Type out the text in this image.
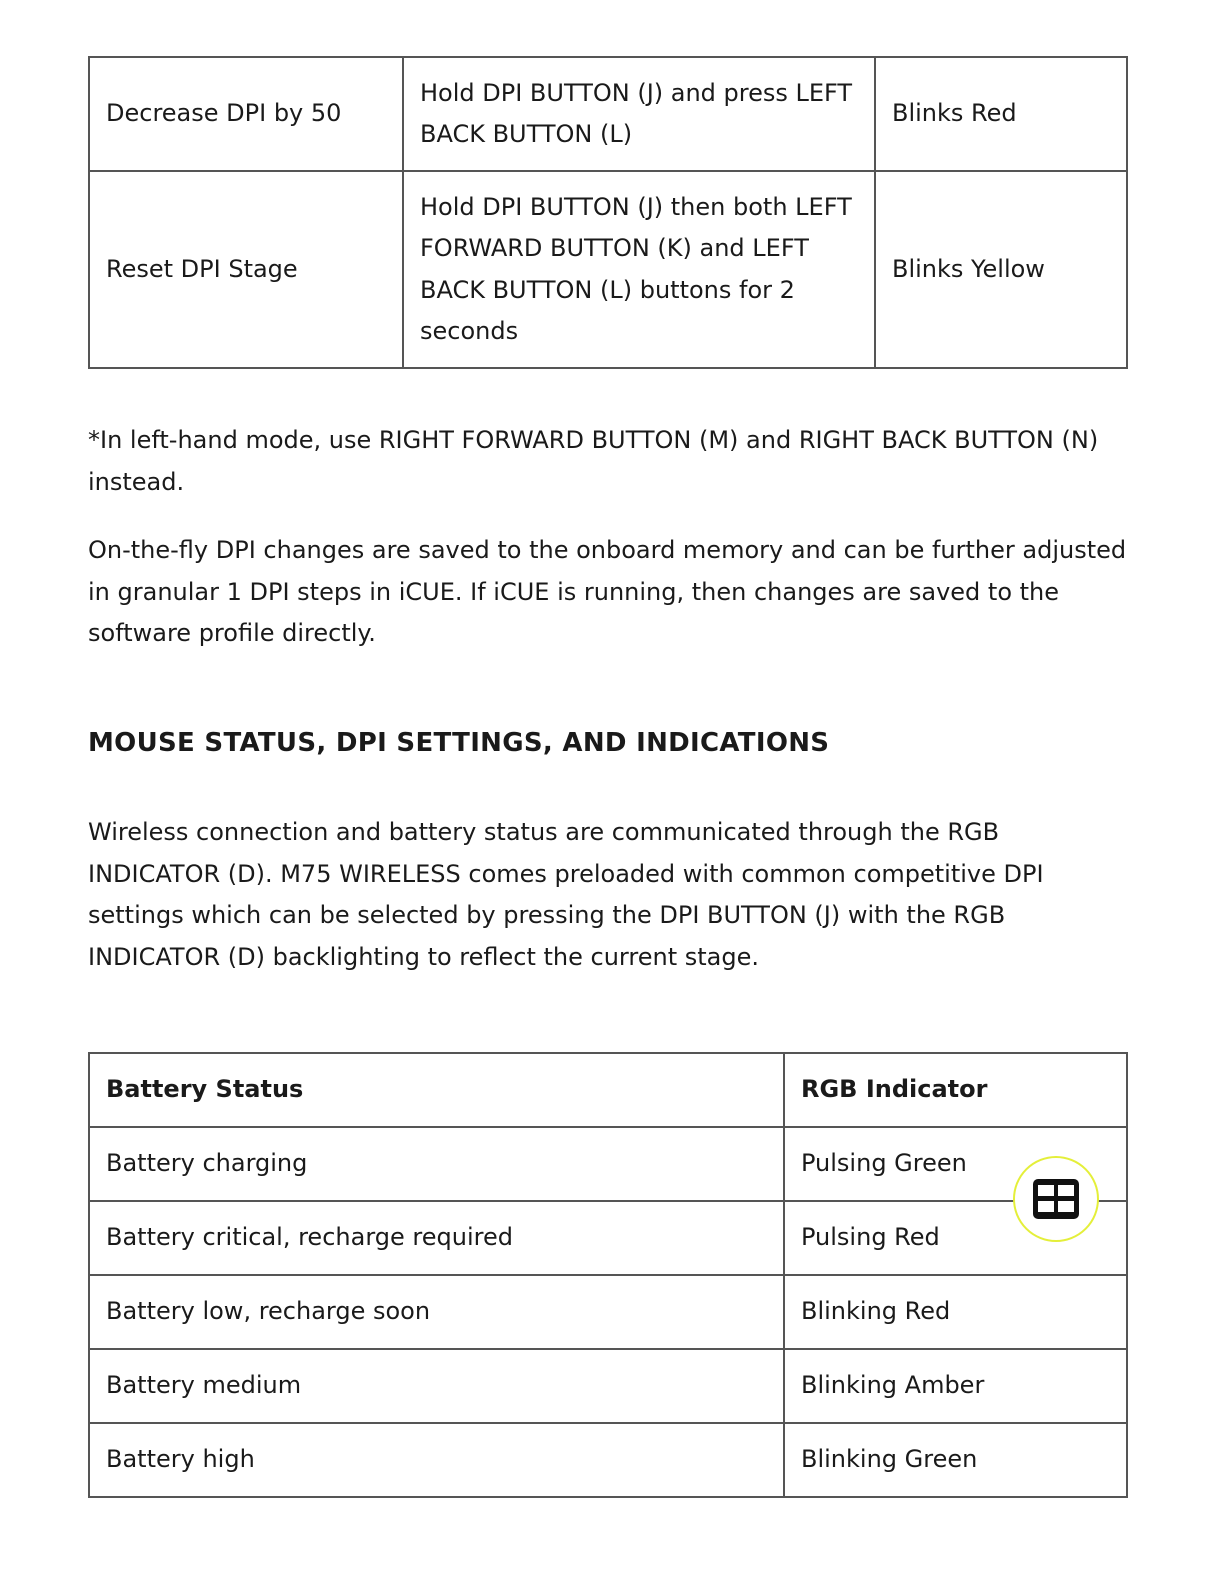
Decrease DPI by 50	Hold DPI BUTTON (J) and press LEFT BACK BUTTON (L)	Blinks Red
Reset DPI Stage	Hold DPI BUTTON (J) then both LEFT FORWARD BUTTON (K) and LEFT BACK BUTTON (L) buttons for 2 seconds	Blinks Yellow

*In left-hand mode, use RIGHT FORWARD BUTTON (M) and RIGHT BACK BUTTON (N) instead.

On-the-fly DPI changes are saved to the onboard memory and can be further adjusted in granular 1 DPI steps in iCUE. If iCUE is running, then changes are saved to the software profile directly.

MOUSE STATUS, DPI SETTINGS, AND INDICATIONS

Wireless connection and battery status are communicated through the RGB INDICATOR (D). M75 WIRELESS comes preloaded with common competitive DPI settings which can be selected by pressing the DPI BUTTON (J) with the RGB INDICATOR (D) backlighting to reflect the current stage.

Battery Status	RGB Indicator
Battery charging	Pulsing Green
Battery critical, recharge required	Pulsing Red
Battery low, recharge soon	Blinking Red
Battery medium	Blinking Amber
Battery high	Blinking Green
